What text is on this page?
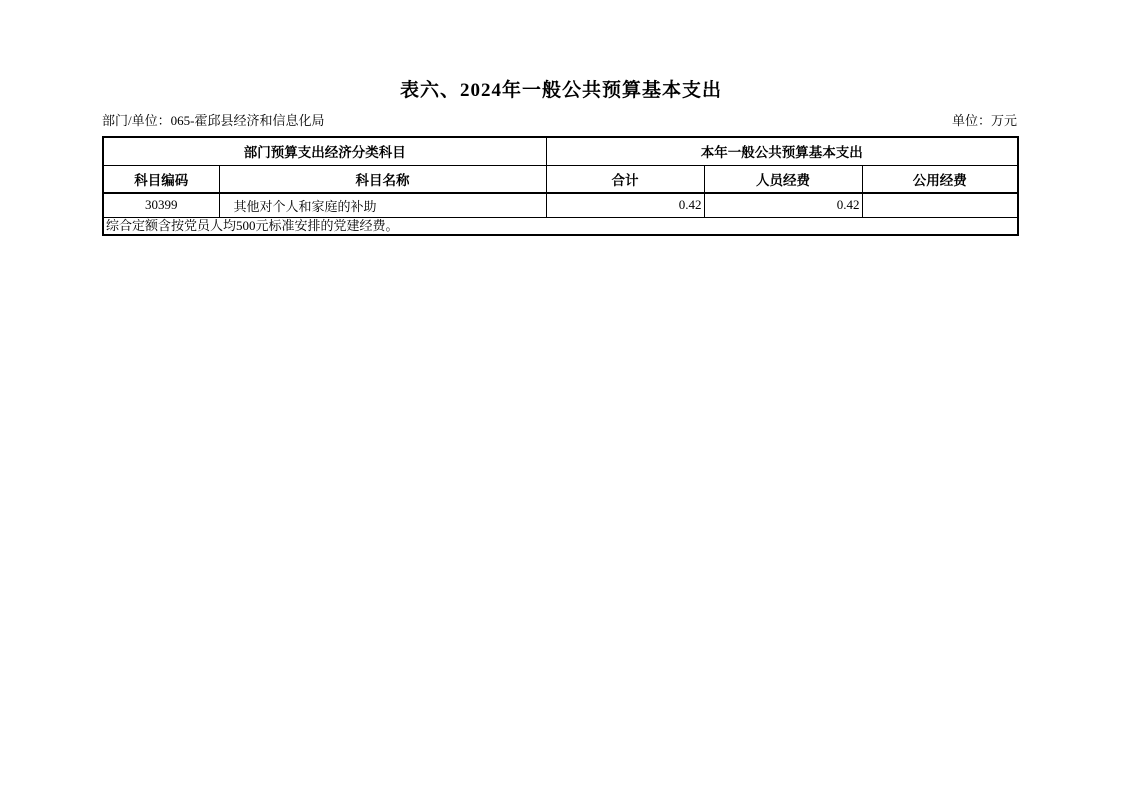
表六、2024年一般公共预算基本支出
部门/单位：065-霍邱县经济和信息化局	单位：万元
部门预算支出经济分类科目		本年一般公共预算基本支出		
科目编码	科目名称	合计	人员经费	公用经费
30399	其他对个人和家庭的补助	0.42	0.42	
综合定额含按党员人均500元标准安排的党建经费。				
